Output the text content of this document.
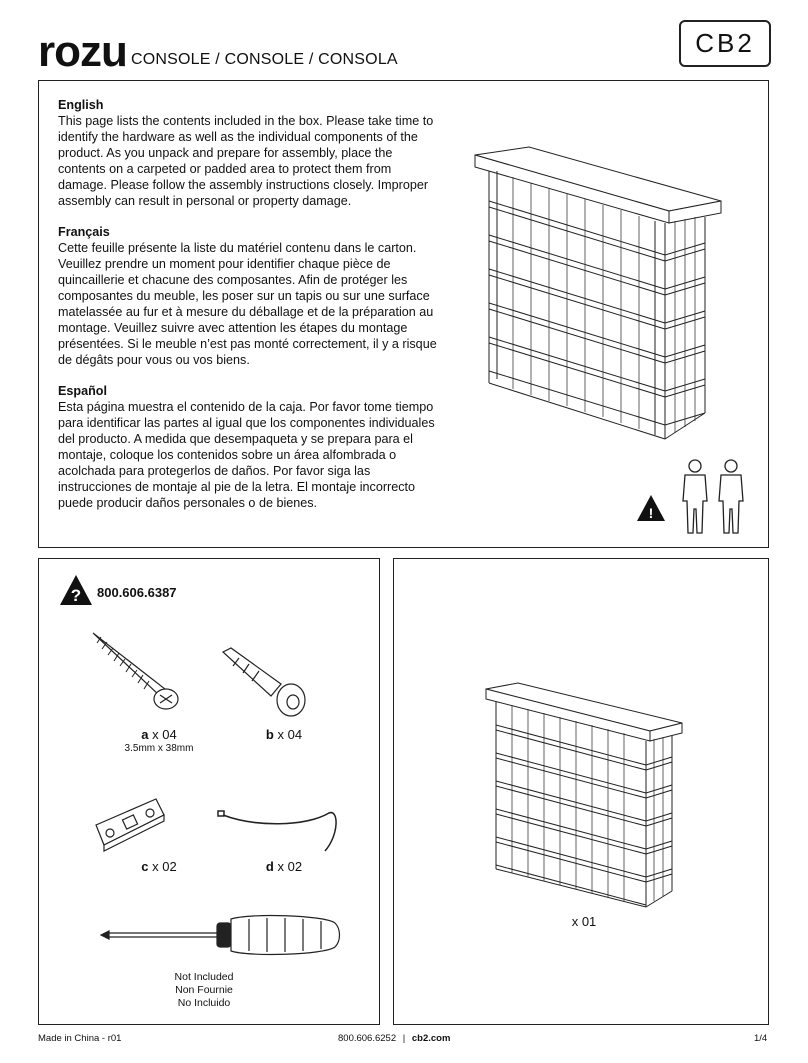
rozu CONSOLE / CONSOLE / CONSOLA
CB2
English

This page lists the contents included in the box. Please take time to identify the hardware as well as the individual components of the product. As you unpack and prepare for assembly, place the contents on a carpeted or padded area to protect them from damage. Please follow the assembly instructions closely. Improper assembly can result in personal or property damage.

Français

Cette feuille présente la liste du matériel contenu dans le carton. Veuillez prendre un moment pour identifier chaque pièce de quincaillerie et chacune des composantes. Afin de protéger les composantes du meuble, les poser sur un tapis ou sur une surface matelassée au fur et à mesure du déballage et de la préparation au montage. Veuillez suivre avec attention les étapes du montage présentées. Si le meuble n’est pas monté correctement, il y a risque de dégâts pour vous ou vos biens.

Español

Esta página muestra el contenido de la caja. Por favor tome tiempo para identificar las partes al igual que los componentes individuales del producto. A medida que desempaqueta y se prepara para el montaje, coloque los contenidos sobre un área alfombrada o acolchada para protegerlos de daños. Por favor siga las instrucciones de montaje al pie de la letra. El montaje incorrecto puede producir daños personales o de bienes.

!
? 800.606.6387
a x 04
3.5mm x 38mm
b x 04
c x 02	d x 02
Not Included
Non Fournie
No Incluido
x 01
Made in China - r01	800.606.6252 | cb2.com	1/4
